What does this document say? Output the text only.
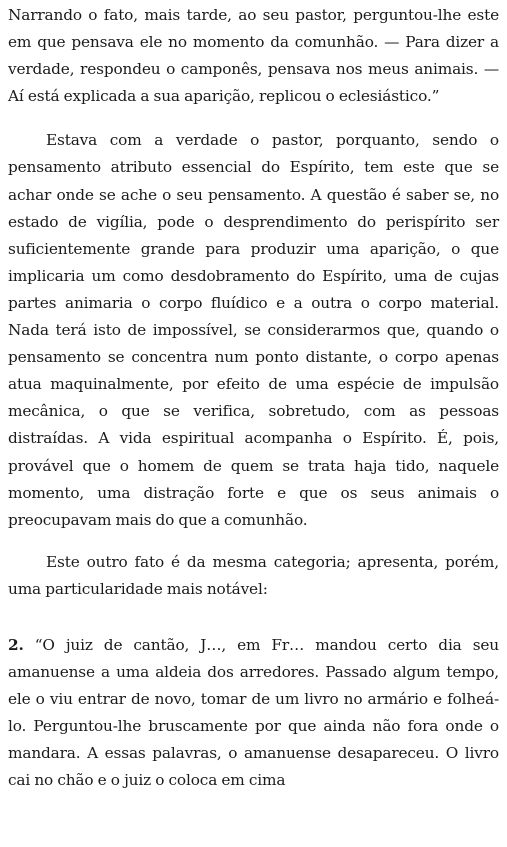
Narrando o fato, mais tarde, ao seu pastor, perguntou-lhe este em que pensava ele no momento da comunhão. — Para dizer a verdade, respondeu o camponês, pensava nos meus animais. — Aí está explicada a sua aparição, replicou o eclesiástico.”

Estava com a verdade o pastor, porquanto, sendo o pensamento atributo essencial do Espírito, tem este que se achar onde se ache o seu pensamento. A questão é saber se, no estado de vigília, pode o desprendimento do perispírito ser suficientemente grande para produzir uma aparição, o que implicaria um como desdobramento do Espírito, uma de cujas partes animaria o corpo fluídico e a outra o corpo material. Nada terá isto de impossível, se considerarmos que, quando o pensamento se concentra num ponto distante, o corpo apenas atua maquinalmente, por efeito de uma espécie de impulsão mecânica, o que se verifica, sobretudo, com as pessoas distraídas. A vida espiritual acompanha o Espírito. É, pois, provável que o homem de quem se trata haja tido, naquele momento, uma distração forte e que os seus animais o preocupavam mais do que a comunhão.

Este outro fato é da mesma categoria; apresenta, porém, uma particularidade mais notável:

2. “O juiz de cantão, J…, em Fr… mandou certo dia seu amanuense a uma aldeia dos arredores. Passado algum tempo, ele o viu entrar de novo, tomar de um livro no armário e folheá-lo. Perguntou-lhe bruscamente por que ainda não fora onde o mandara. A essas palavras, o amanuense desapareceu. O livro cai no chão e o juiz o coloca em cima
